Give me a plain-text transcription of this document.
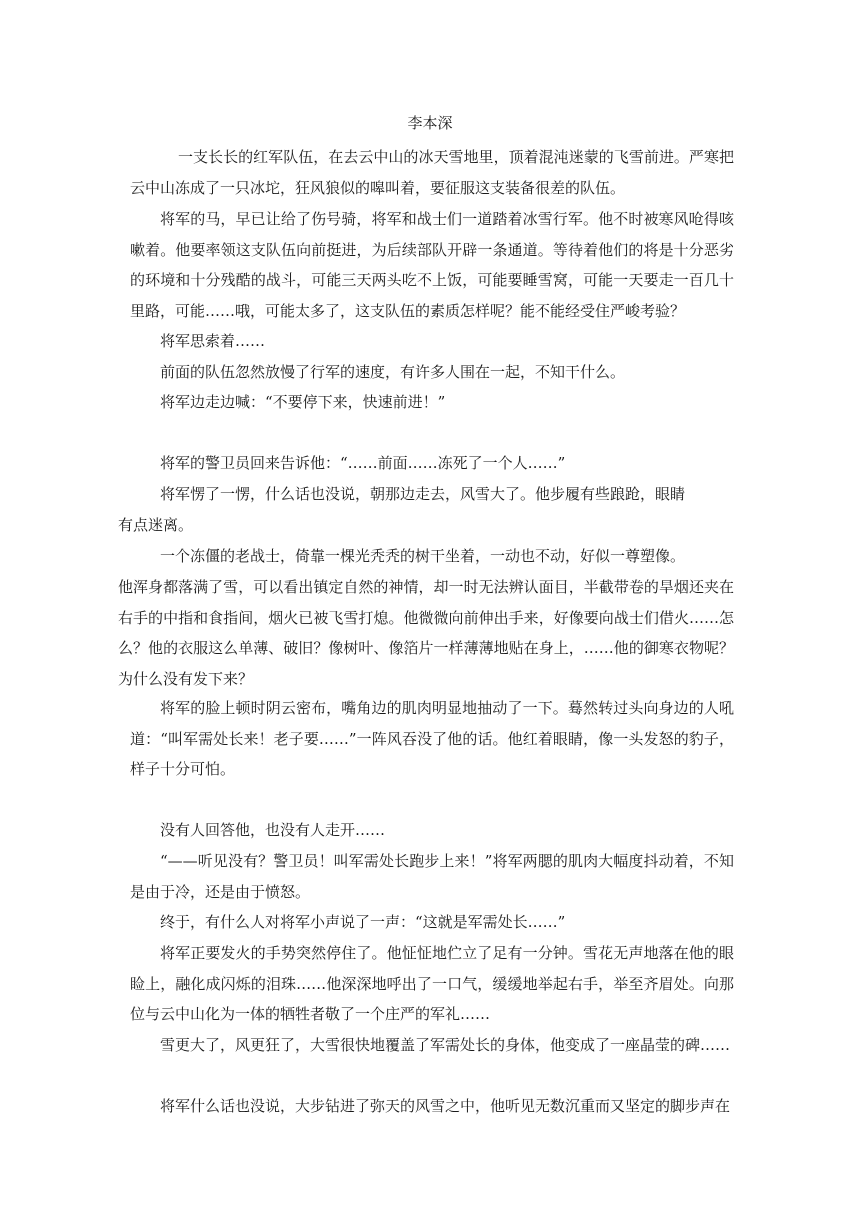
李本深

一支长长的红军队伍，在去云中山的冰天雪地里，顶着混沌迷蒙的飞雪前进。严寒把云中山冻成了一只冰坨，狂风狼似的嗥叫着，要征服这支装备很差的队伍。

将军的马，早已让给了伤号骑，将军和战士们一道踏着冰雪行军。他不时被寒风呛得咳嗽着。他要率领这支队伍向前挺进，为后续部队开辟一条通道。等待着他们的将是十分恶劣的环境和十分残酷的战斗，可能三天两头吃不上饭，可能要睡雪窝，可能一天要走一百几十里路，可能……哦，可能太多了，这支队伍的素质怎样呢？能不能经受住严峻考验？

将军思索着……

前面的队伍忽然放慢了行军的速度，有许多人围在一起，不知干什么。

将军边走边喊：“不要停下来，快速前进！”

将军的警卫员回来告诉他：“……前面……冻死了一个人……”

将军愣了一愣，什么话也没说，朝那边走去，风雪大了。他步履有些踉跄，眼睛

有点迷离。

一个冻僵的老战士，倚靠一棵光秃秃的树干坐着，一动也不动，好似一尊塑像。

他浑身都落满了雪，可以看出镇定自然的神情，却一时无法辨认面目，半截带卷的旱烟还夹在右手的中指和食指间，烟火已被飞雪打熄。他微微向前伸出手来，好像要向战士们借火……怎么？他的衣服这么单薄、破旧？像树叶、像箔片一样薄薄地贴在身上，……他的御寒衣物呢？为什么没有发下来？

将军的脸上顿时阴云密布，嘴角边的肌肉明显地抽动了一下。蓦然转过头向身边的人吼道：“叫军需处长来！老子要……”一阵风吞没了他的话。他红着眼睛，像一头发怒的豹子，样子十分可怕。

没有人回答他，也没有人走开……

“——听见没有？警卫员！叫军需处长跑步上来！”将军两腮的肌肉大幅度抖动着，不知是由于冷，还是由于愤怒。

终于，有什么人对将军小声说了一声：“这就是军需处长……”

将军正要发火的手势突然停住了。他怔怔地伫立了足有一分钟。雪花无声地落在他的眼睑上，融化成闪烁的泪珠……他深深地呼出了一口气，缓缓地举起右手，举至齐眉处。向那位与云中山化为一体的牺牲者敬了一个庄严的军礼……

雪更大了，风更狂了，大雪很快地覆盖了军需处长的身体，他变成了一座晶莹的碑……

将军什么话也没说，大步钻进了弥天的风雪之中，他听见无数沉重而又坚定的脚步声在
